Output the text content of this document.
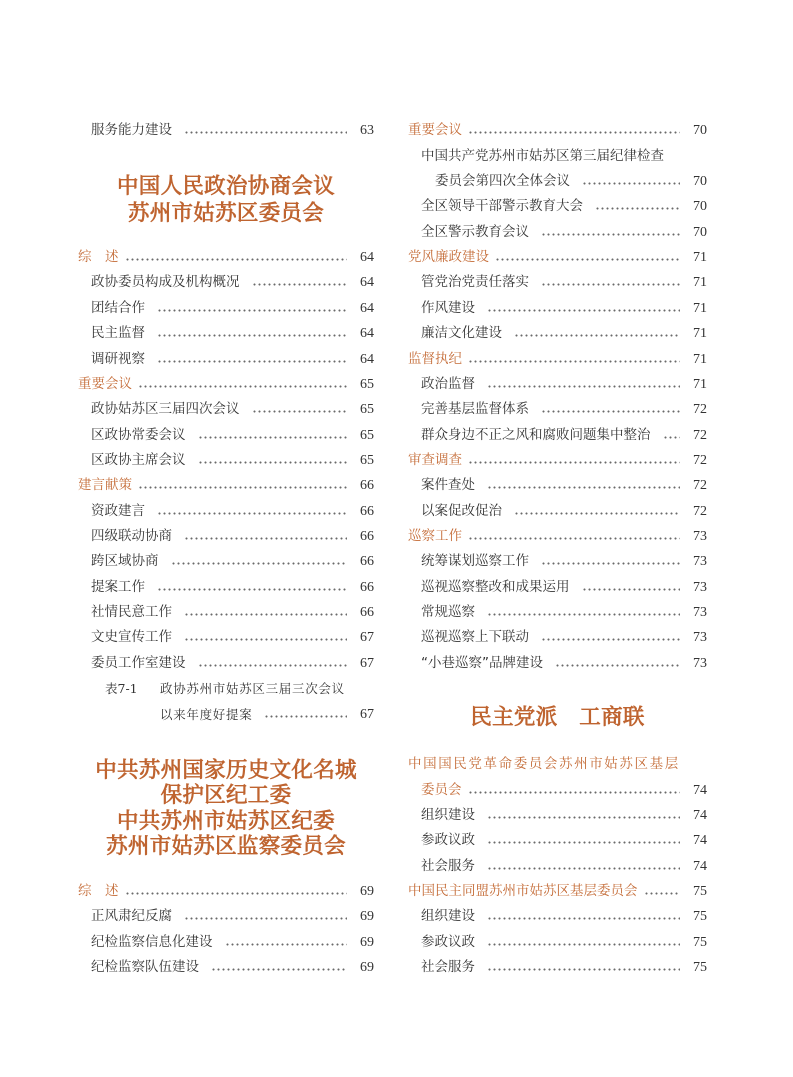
服务能力建设	63
中国人民政治协商会议
苏州市姑苏区委员会
综　述	64
政协委员构成及机构概况	64
团结合作	64
民主监督	64
调研视察	64
重要会议	65
政协姑苏区三届四次会议	65
区政协常委会议	65
区政协主席会议	65
建言献策	66
资政建言	66
四级联动协商	66
跨区域协商	66
提案工作	66
社情民意工作	66
文史宣传工作	67
委员工作室建设	67
表7-1	政协苏州市姑苏区三届三次会议
以来年度好提案	67
中共苏州国家历史文化名城
保护区纪工委
中共苏州市姑苏区纪委
苏州市姑苏区监察委员会
综　述	69
正风肃纪反腐	69
纪检监察信息化建设	69
纪检监察队伍建设	69
重要会议	70
中国共产党苏州市姑苏区第三届纪律检查
委员会第四次全体会议	70
全区领导干部警示教育大会	70
全区警示教育会议	70
党风廉政建设	71
管党治党责任落实	71
作风建设	71
廉洁文化建设	71
监督执纪	71
政治监督	71
完善基层监督体系	72
群众身边不正之风和腐败问题集中整治	72
审查调查	72
案件查处	72
以案促改促治	72
巡察工作	73
统筹谋划巡察工作	73
巡视巡察整改和成果运用	73
常规巡察	73
巡视巡察上下联动	73
“小巷巡察”品牌建设	73
民主党派　工商联
中国国民党革命委员会苏州市姑苏区基层
委员会	74
组织建设	74
参政议政	74
社会服务	74
中国民主同盟苏州市姑苏区基层委员会	75
组织建设	75
参政议政	75
社会服务	75
